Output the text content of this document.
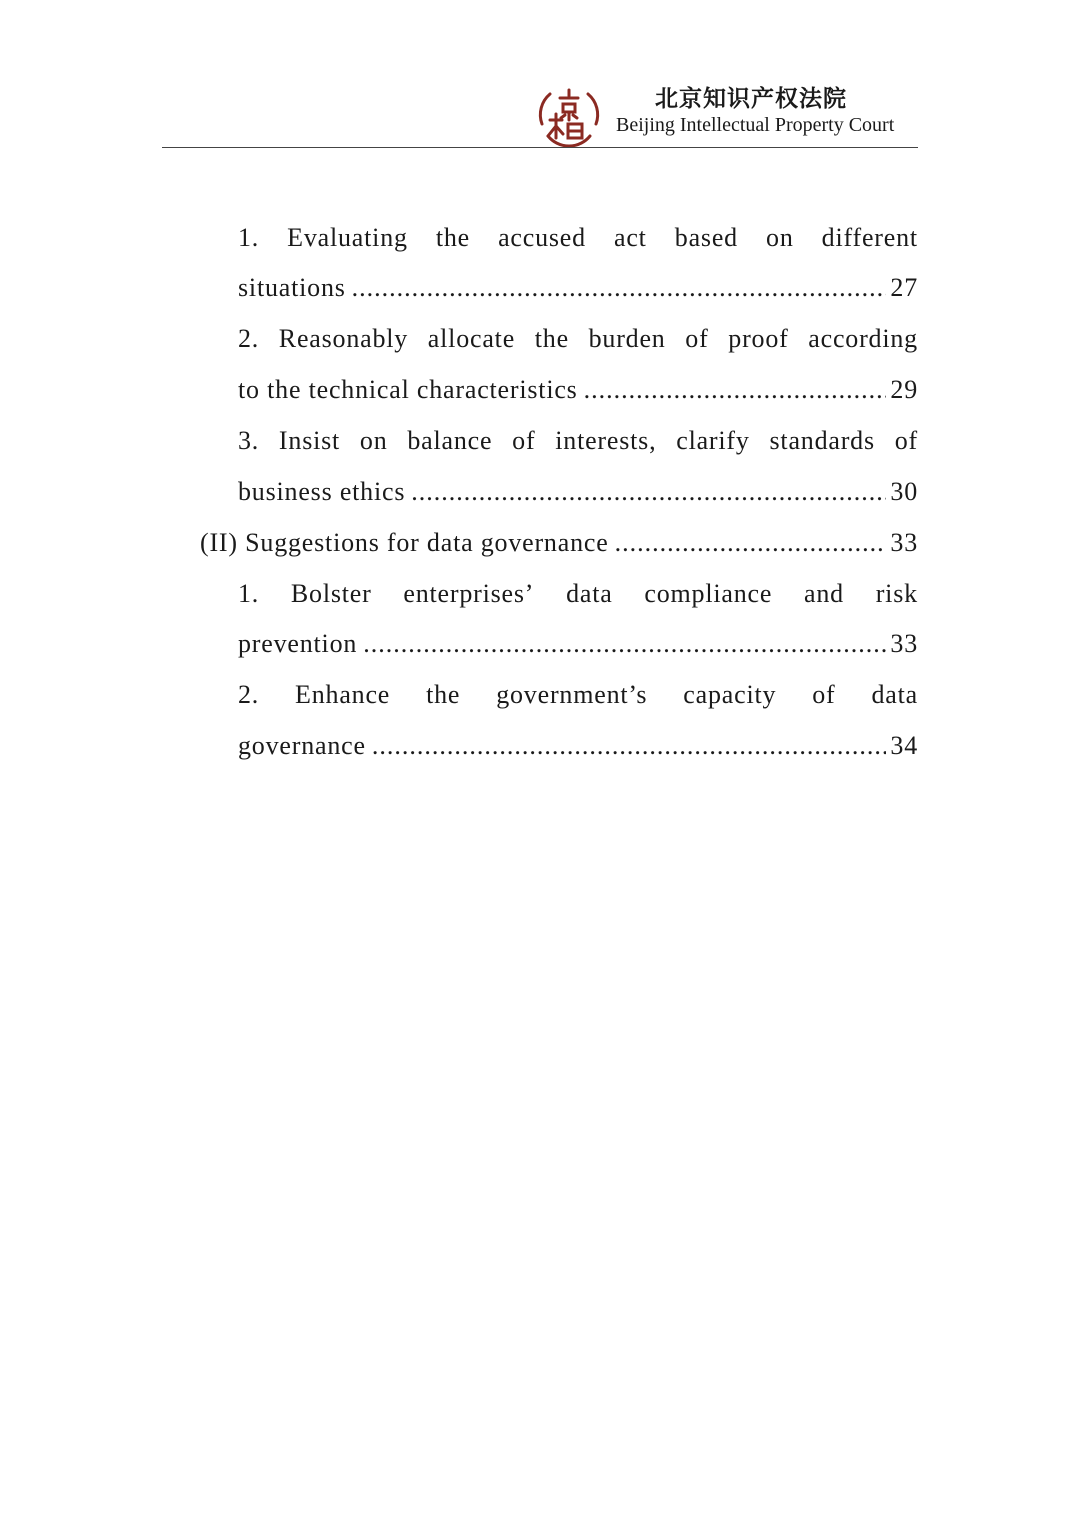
北京知识产权法院
Beijing Intellectual Property Court
1. Evaluating the accused act based on different
situations .....	27
2. Reasonably allocate the burden of proof according
to the technical characteristics .....	29
3. Insist on balance of interests, clarify standards of
business ethics .....	30
(II) Suggestions for data governance .....	33
1. Bolster enterprises’ data compliance and risk
prevention .....	33
2. Enhance the government’s capacity of data
governance .....	34
